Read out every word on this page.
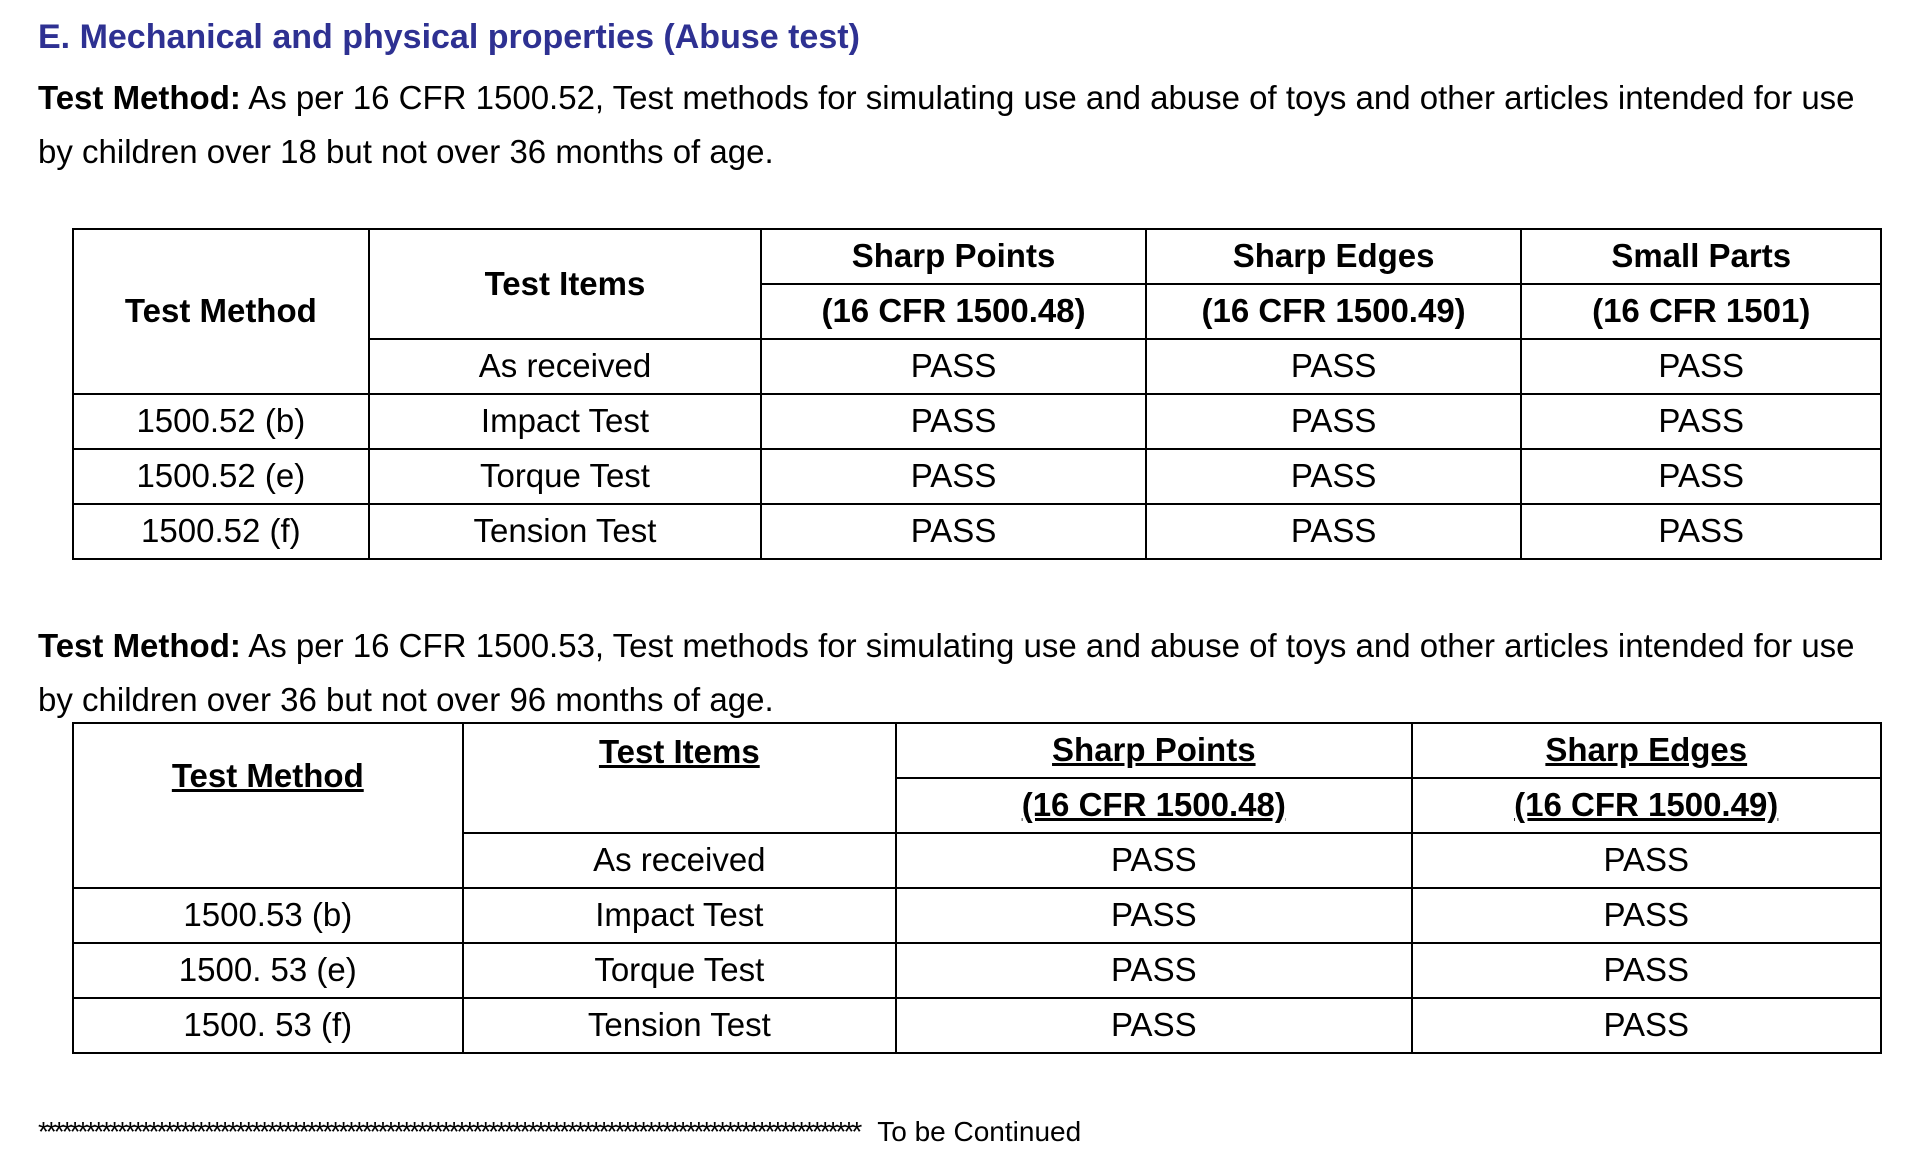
E. Mechanical and physical properties (Abuse test)
Test Method: As per 16 CFR 1500.52, Test methods for simulating use and abuse of toys and other articles intended for use by children over 18 but not over 36 months of age.
Test Method	Test Items	Sharp Points	Sharp Edges	Small Parts
		(16 CFR 1500.48)	(16 CFR 1500.49)	(16 CFR 1501)
	As received	PASS	PASS	PASS
1500.52 (b)	Impact Test	PASS	PASS	PASS
1500.52 (e)	Torque Test	PASS	PASS	PASS
1500.52 (f)	Tension Test	PASS	PASS	PASS
Test Method: As per 16 CFR 1500.53, Test methods for simulating use and abuse of toys and other articles intended for use by children over 36 but not over 96 months of age.
Test Method	Test Items	Sharp Points	Sharp Edges
		(16 CFR 1500.48)	(16 CFR 1500.49)
	As received	PASS	PASS
1500.53 (b)	Impact Test	PASS	PASS
1500. 53 (e)	Torque Test	PASS	PASS
1500. 53 (f)	Tension Test	PASS	PASS
******************************************************************************************************** To be Continued
